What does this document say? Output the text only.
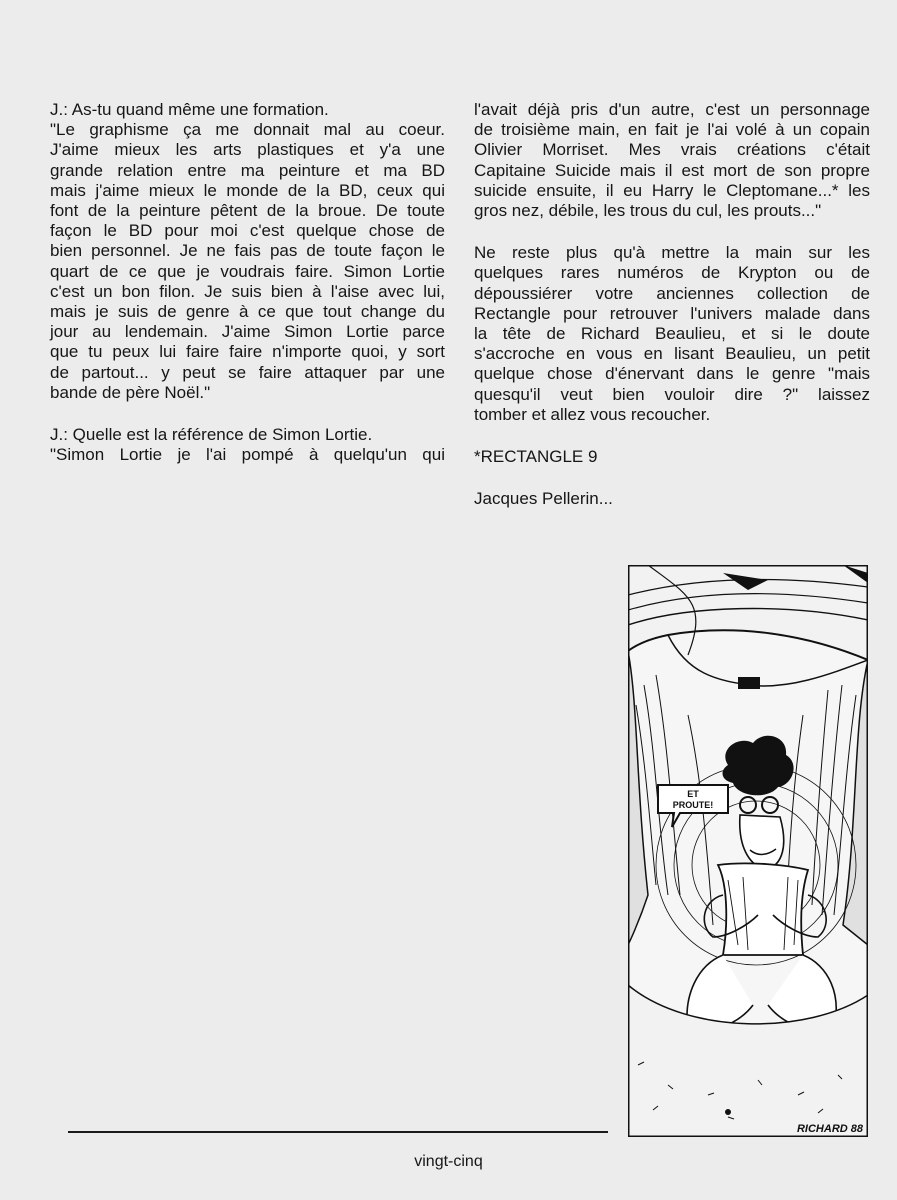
J.: As-tu quand même une formation.
"Le graphisme ça me donnait mal au coeur.
J'aime mieux les arts plastiques et y'a une
grande relation entre ma peinture et ma BD
mais j'aime mieux le monde de la BD, ceux qui
font de la peinture pêtent de la broue. De toute
façon le BD pour moi c'est quelque chose de
bien personnel. Je ne fais pas de toute façon le
quart de ce que je voudrais faire. Simon Lortie
c'est un bon filon. Je suis bien à l'aise avec lui,
mais je suis de genre à ce que tout change du
jour au lendemain. J'aime Simon Lortie parce
que tu peux lui faire faire n'importe quoi, y sort
de partout... y peut se faire attaquer par une
bande de père Noël."
J.: Quelle est la référence de Simon Lortie.
"Simon Lortie je l'ai pompé à quelqu'un qui
l'avait déjà pris d'un autre, c'est un personnage
de troisième main, en fait je l'ai volé à un copain
Olivier Morriset. Mes vrais créations c'était
Capitaine Suicide mais il est mort de son propre
suicide ensuite, il eu Harry le Cleptomane...* les
gros nez, débile, les trous du cul, les prouts..."
Ne reste plus qu'à mettre la main sur les
quelques rares numéros de Krypton ou de
dépoussiérer votre anciennes collection de
Rectangle pour retrouver l'univers malade dans
la tête de Richard Beaulieu, et si le doute
s'accroche en vous en lisant Beaulieu, un petit
quelque chose d'énervant dans le genre "mais
quesqu'il veut bien vouloir dire ?" laissez
tomber et allez vous recoucher.
*RECTANGLE 9
Jacques Pellerin...
ET
PROUTE!
RICHARD 88
vingt-cinq
